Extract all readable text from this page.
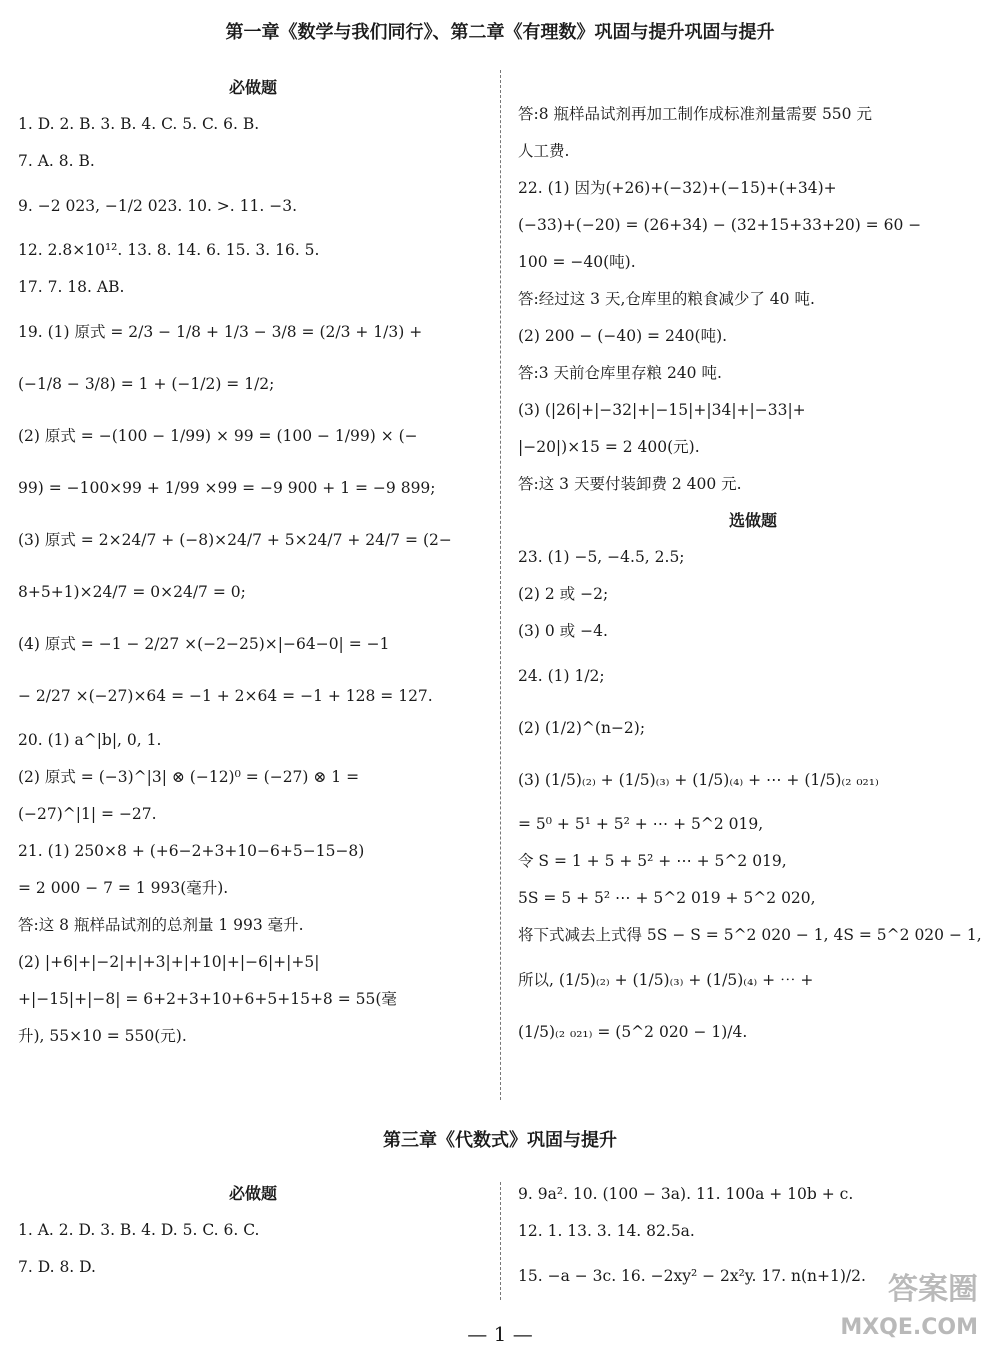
第一章《数学与我们同行》、第二章《有理数》巩固与提升巩固与提升
必做题
1. D. 2. B. 3. B. 4. C. 5. C. 6. B.
7. A. 8. B.
9. −2 023, −1/2 023. 10. >. 11. −3.
12. 2.8×10¹². 13. 8. 14. 6. 15. 3. 16. 5.
17. 7. 18. AB.
19. (1) 原式 = 2/3 − 1/8 + 1/3 − 3/8 = (2/3 + 1/3) +
(−1/8 − 3/8) = 1 + (−1/2) = 1/2;
(2) 原式 = −(100 − 1/99) × 99 = (100 − 1/99) × (−
99) = −100×99 + 1/99 ×99 = −9 900 + 1 = −9 899;
(3) 原式 = 2×24/7 + (−8)×24/7 + 5×24/7 + 24/7 = (2−
8+5+1)×24/7 = 0×24/7 = 0;
(4) 原式 = −1 − 2/27 ×(−2−25)×|−64−0| = −1
− 2/27 ×(−27)×64 = −1 + 2×64 = −1 + 128 = 127.
20. (1) a^|b|, 0, 1.
(2) 原式 = (−3)^|3| ⊗ (−12)⁰ = (−27) ⊗ 1 =
(−27)^|1| = −27.
21. (1) 250×8 + (+6−2+3+10−6+5−15−8)
= 2 000 − 7 = 1 993(毫升).
答:这 8 瓶样品试剂的总剂量 1 993 毫升.
(2) |+6|+|−2|+|+3|+|+10|+|−6|+|+5|
+|−15|+|−8| = 6+2+3+10+6+5+15+8 = 55(毫
升), 55×10 = 550(元).
答:8 瓶样品试剂再加工制作成标准剂量需要 550 元
人工费.
22. (1) 因为(+26)+(−32)+(−15)+(+34)+
(−33)+(−20) = (26+34) − (32+15+33+20) = 60 −
100 = −40(吨).
答:经过这 3 天,仓库里的粮食减少了 40 吨.
(2) 200 − (−40) = 240(吨).
答:3 天前仓库里存粮 240 吨.
(3) (|26|+|−32|+|−15|+|34|+|−33|+
|−20|)×15 = 2 400(元).
答:这 3 天要付装卸费 2 400 元.
选做题
23. (1) −5, −4.5, 2.5;
(2) 2 或 −2;
(3) 0 或 −4.
24. (1) 1/2;
(2) (1/2)^(n−2);
(3) (1/5)₍₂₎ + (1/5)₍₃₎ + (1/5)₍₄₎ + ⋯ + (1/5)₍₂ ₀₂₁₎
= 5⁰ + 5¹ + 5² + ⋯ + 5^2 019,
令 S = 1 + 5 + 5² + ⋯ + 5^2 019,
5S = 5 + 5² ⋯ + 5^2 019 + 5^2 020,
将下式减去上式得 5S − S = 5^2 020 − 1, 4S = 5^2 020 − 1,
所以, (1/5)₍₂₎ + (1/5)₍₃₎ + (1/5)₍₄₎ + ⋯ +
(1/5)₍₂ ₀₂₁₎ = (5^2 020 − 1)/4.
第三章《代数式》巩固与提升
必做题
1. A. 2. D. 3. B. 4. D. 5. C. 6. C.
7. D. 8. D.
9. 9a². 10. (100 − 3a). 11. 100a + 10b + c.
12. 1. 13. 3. 14. 82.5a.
15. −a − 3c. 16. −2xy² − 2x²y. 17. n(n+1)/2.
— 1 —
答案圈
MXQE.COM
